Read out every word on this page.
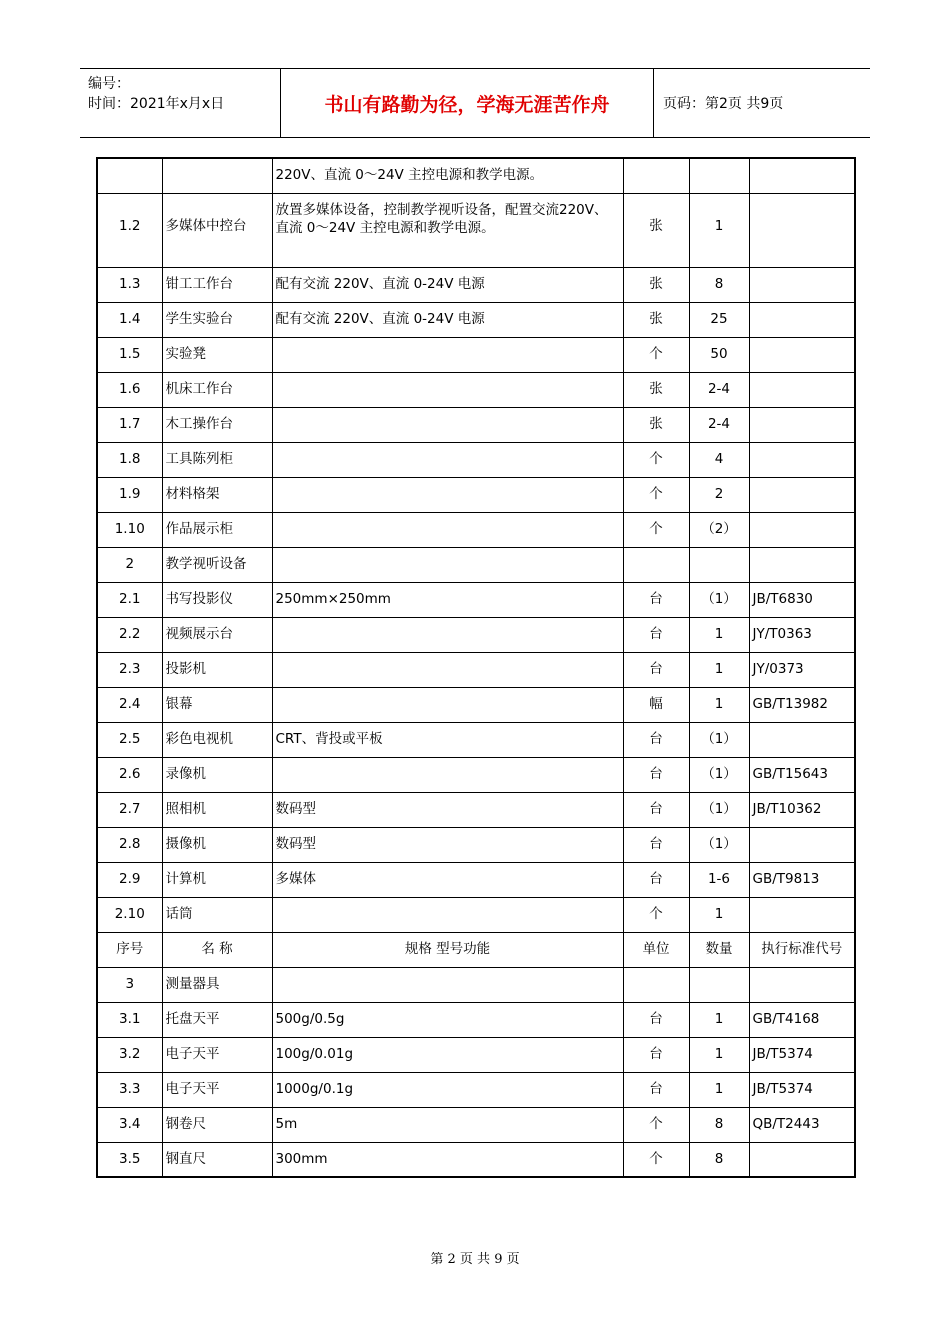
编号：
时间：2021年x月x日	书山有路勤为径，学海无涯苦作舟	页码：第2页 共9页
		220V、直流 0～24V 主控电源和教学电源。			
1.2	多媒体中控台	放置多媒体设备，控制教学视听设备，配置交流220V、直流 0～24V 主控电源和教学电源。	张	1	
1.3	钳工工作台	配有交流 220V、直流 0-24V 电源	张	8	
1.4	学生实验台	配有交流 220V、直流 0-24V 电源	张	25	
1.5	实验凳		个	50	
1.6	机床工作台		张	2-4	
1.7	木工操作台		张	2-4	
1.8	工具陈列柜		个	4	
1.9	材料格架		个	2	
1.10	作品展示柜		个	（2）	
2	教学视听设备				
2.1	书写投影仪	250mm×250mm	台	（1）	JB/T6830
2.2	视频展示台		台	1	JY/T0363
2.3	投影机		台	1	JY/0373
2.4	银幕		幅	1	GB/T13982
2.5	彩色电视机	CRT、背投或平板	台	（1）	
2.6	录像机		台	（1）	GB/T15643
2.7	照相机	数码型	台	（1）	JB/T10362
2.8	摄像机	数码型	台	（1）	
2.9	计算机	多媒体	台	1-6	GB/T9813
2.10	话筒		个	1	
序号	名 称	规格 型号功能	单位	数量	执行标准代号
3	测量器具				
3.1	托盘天平	500g/0.5g	台	1	GB/T4168
3.2	电子天平	100g/0.01g	台	1	JB/T5374
3.3	电子天平	1000g/0.1g	台	1	JB/T5374
3.4	钢卷尺	5m	个	8	QB/T2443
3.5	钢直尺	300mm	个	8	
第 2 页 共 9 页
